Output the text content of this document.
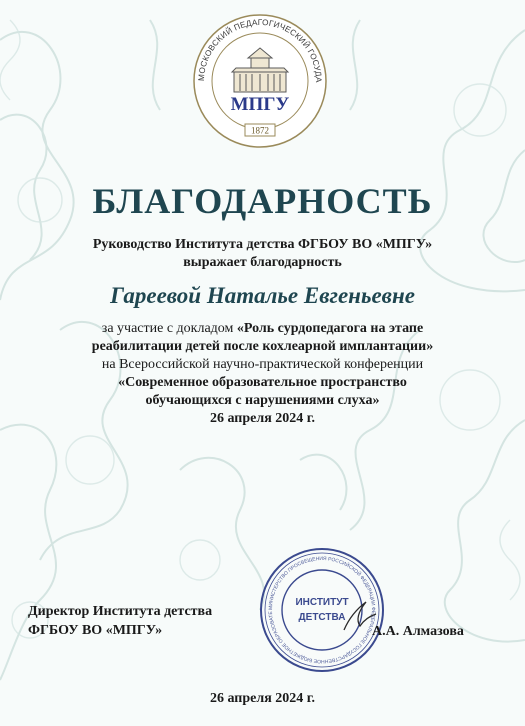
МОСКОВСКИЙ ПЕДАГОГИЧЕСКИЙ ГОСУДА
МПГУ
1872
БЛАГОДАРНОСТЬ
Руководство Института детства ФГБОУ ВО «МПГУ»
выражает благодарность
Гареевой Наталье Евгеньевне
за участие с докладом «Роль сурдопедагога на этапе
реабилитации детей после кохлеарной имплантации»
на Всероссийской научно-практической конференции
«Современное образовательное пространство
обучающихся с нарушениями слуха»
26 апреля 2024 г.
Директор Института детства
ФГБОУ ВО «МПГУ»
МИНИСТЕРСТВО ПРОСВЕЩЕНИЯ РОССИЙСКОЙ ФЕДЕРАЦИИ ФЕДЕРАЛЬНОЕ ГОСУДАРСТВЕННОЕ БЮДЖЕТНОЕ ОБРАЗОВАТЕ
ИНСТИТУТ
ДЕТСТВА
А.А. Алмазова
26 апреля 2024 г.
